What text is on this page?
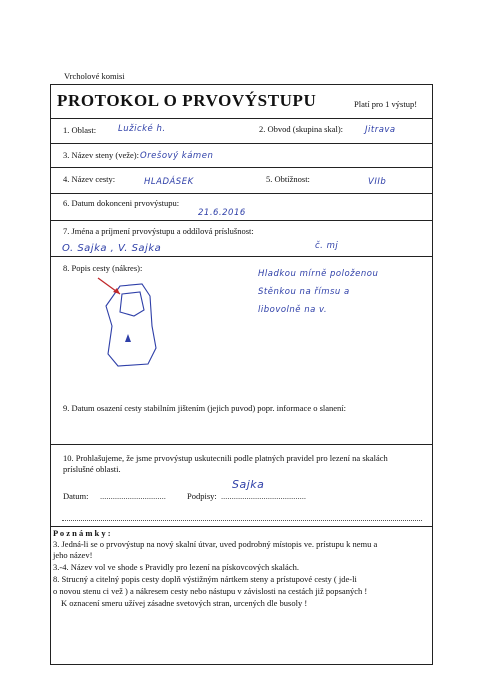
Vrcholové komisi
PROTOKOL O PRVOVÝSTUPU	Platí pro 1 výstup!
1. Oblast:	Lužické h.	2. Obvod (skupina skal):	Jitrava
3. Název steny (veže): Orešový kámen
4. Název cesty:	HLADÁSEK	5. Obtížnost:	VIIb
6. Datum dokonceni prvovýstupu:
21.6.2016
7. Jména a príjmení prvovýstupu a oddílová príslušnost:
O. Sajka , V. Sajka	č. mj
8. Popis cesty (nákres):
Hladkou mírně položenou
Stěnkou na římsu a
libovolně na v.
9. Datum osazení cesty stabilním jištením (jejich puvod) popr. informace o slanení:
10. Prohlašujeme, že jsme prvovýstup uskutecnili podle platných pravidel pro lezení na skalách
príslušné oblasti.
Datum: ............................... Podpisy: ........................................
Sajka
P o z n á m k y :
3. Jedná-li se o prvovýstup na nový skalní útvar, uved podrobný místopis ve. prístupu k nemu a
jeho název!
3.-4. Název vol ve shode s Pravidly pro lezení na pískovcových skalách.
8. Strucný a citelný popis cesty doplň výstižným nártkem steny a prístupové cesty ( jde-li
o novou stenu ci vež ) a nákresem cesty nebo nástupu v závislosti na cestách již popsaných !
K oznacení smeru užívej zásadne svetových stran, urcených dle busoly !
